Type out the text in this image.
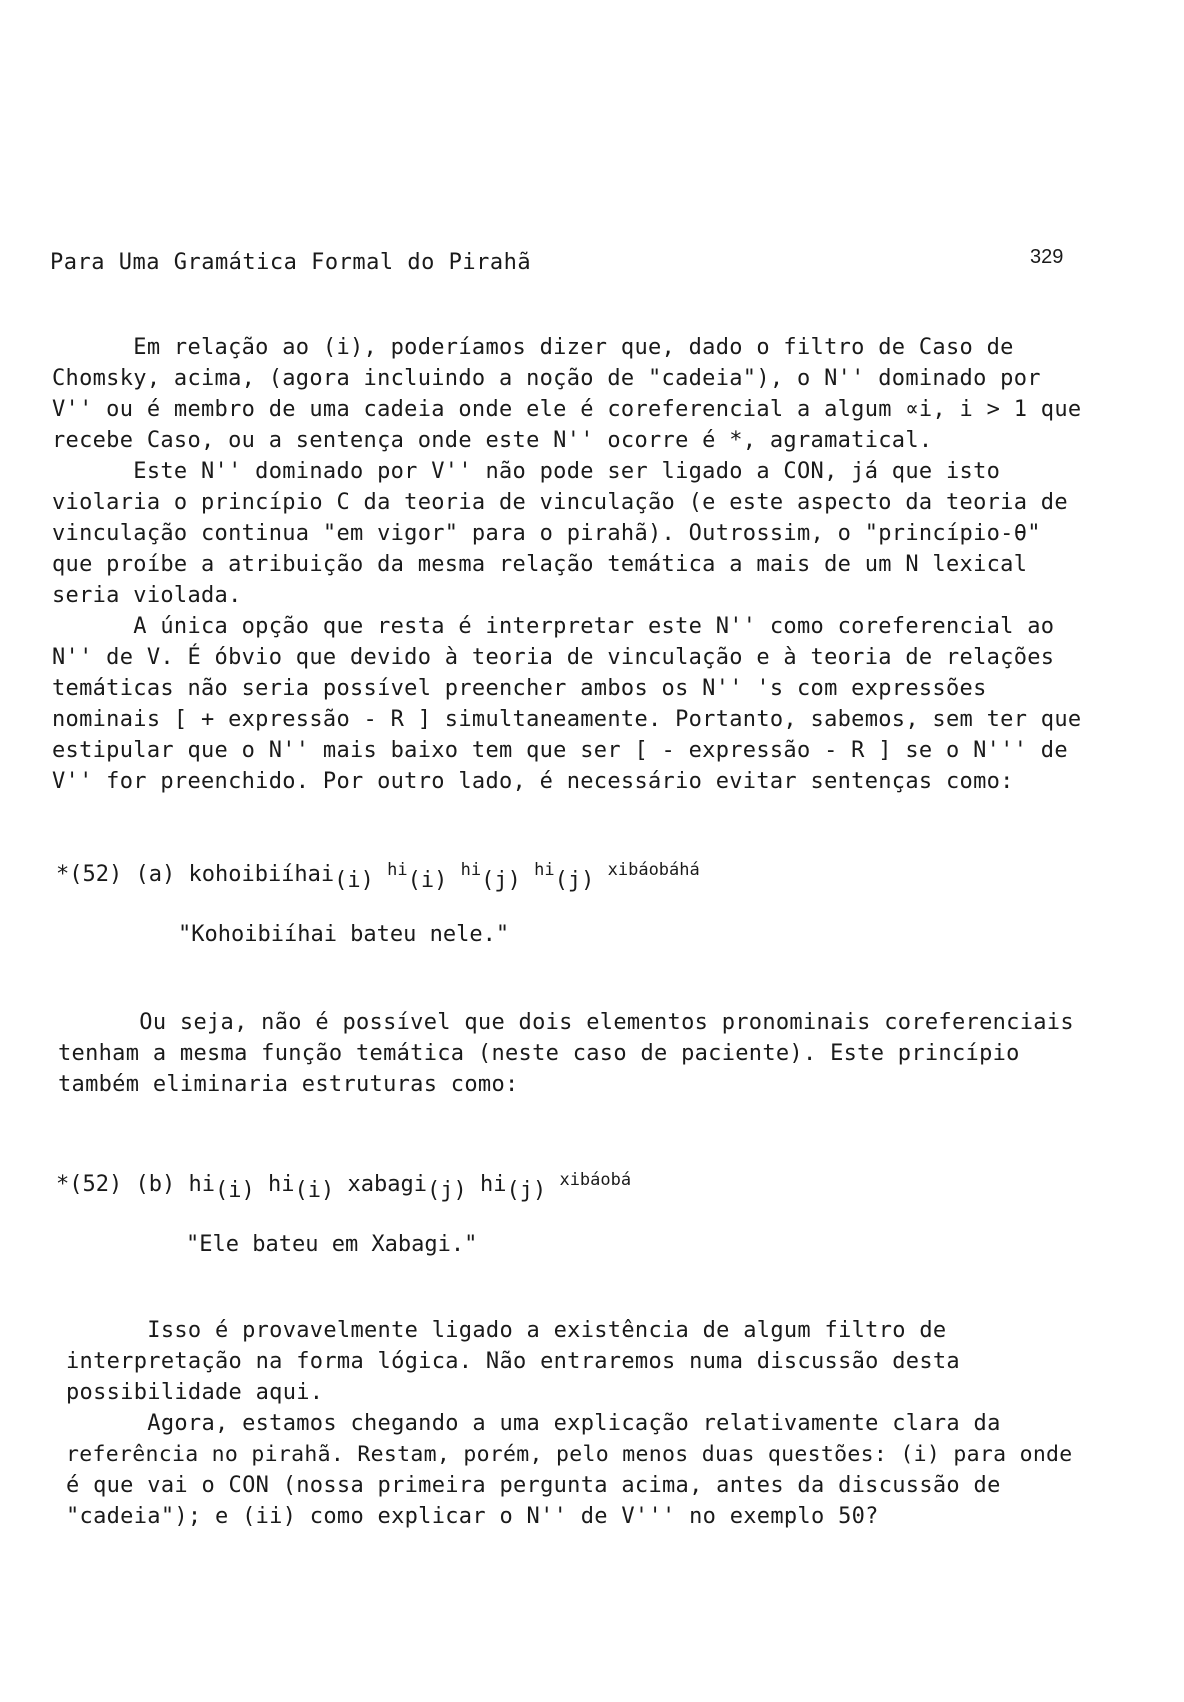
Para Uma Gramática Formal do Pirahã	329
Em relação ao (i), poderíamos dizer que, dado o filtro de Caso de
Chomsky, acima, (agora incluindo a noção de "cadeia"), o N'' dominado por
V'' ou é membro de uma cadeia onde ele é coreferencial a algum ∝i, i > 1 que
recebe Caso, ou a sentença onde este N'' ocorre é *, agramatical.
Este N'' dominado por V'' não pode ser ligado a CON, já que isto
violaria o princípio C da teoria de vinculação (e este aspecto da teoria de
vinculação continua "em vigor" para o pirahã). Outrossim, o "princípio-θ"
que proíbe a atribuição da mesma relação temática a mais de um N lexical
seria violada.
A única opção que resta é interpretar este N'' como coreferencial ao
N'' de V. É óbvio que devido à teoria de vinculação e à teoria de relações
temáticas não seria possível preencher ambos os N'' 's com expressões
nominais [ + expressão - R ] simultaneamente. Portanto, sabemos, sem ter que
estipular que o N'' mais baixo tem que ser [ - expressão - R ] se o N''' de
V'' for preenchido. Por outro lado, é necessário evitar sentenças como:
*(52) (a) kohoibiíhai$_{(i)}$ $^{hi}_{(i)}$ $^{hi}_{(j)}$ $^{hi}_{(j)}$ $^{xibáobáhá}$
"Kohoibiíhai bateu nele."
Ou seja, não é possível que dois elementos pronominais coreferenciais
tenham a mesma função temática (neste caso de paciente). Este princípio
também eliminaria estruturas como:
*(52) (b) $hi_{(i)}$ $hi_{(i)}$ xabagi$_{(j)}$ $hi_{(j)}$ $^{xibáobá}$
"Ele bateu em Xabagi."
Isso é provavelmente ligado a existência de algum filtro de
interpretação na forma lógica. Não entraremos numa discussão desta
possibilidade aqui.
Agora, estamos chegando a uma explicação relativamente clara da
referência no pirahã. Restam, porém, pelo menos duas questões: (i) para onde
é que vai o CON (nossa primeira pergunta acima, antes da discussão de
"cadeia"); e (ii) como explicar o N'' de V''' no exemplo 50?
